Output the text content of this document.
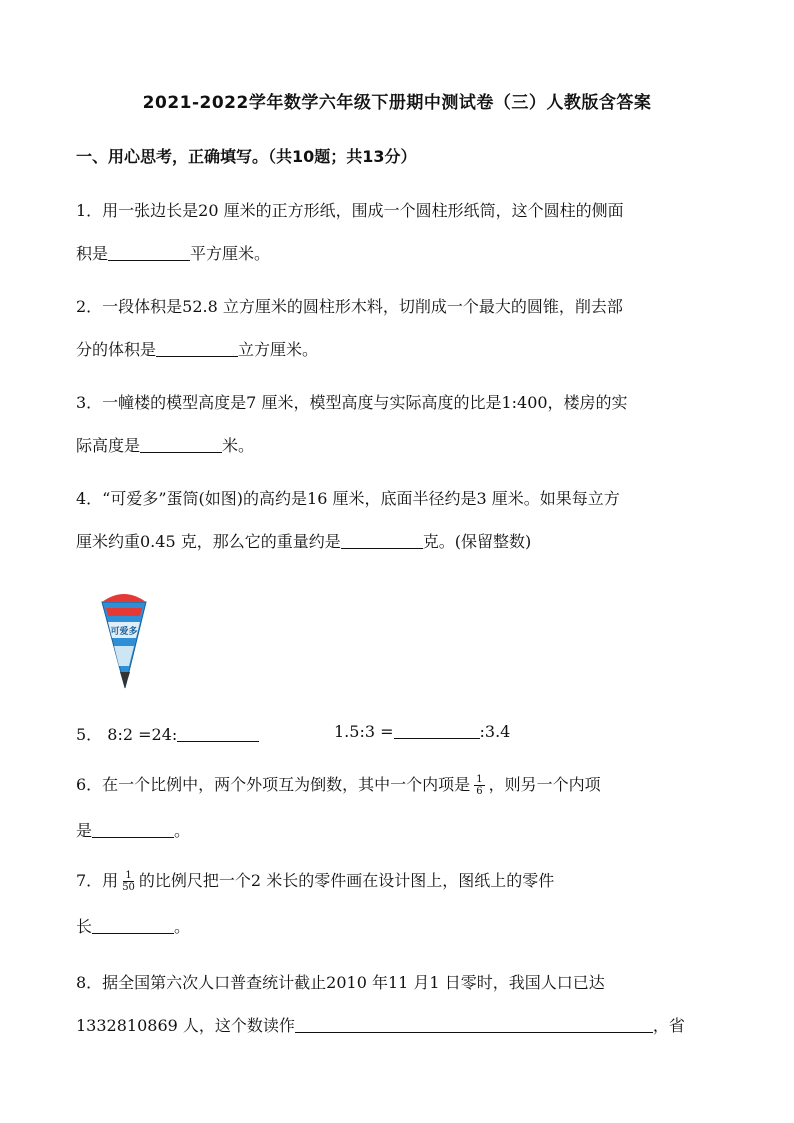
2021-2022学年数学六年级下册期中测试卷（三）人教版含答案
一、用心思考，正确填写。（共10题；共13分）
1．用一张边长是20 厘米的正方形纸，围成一个圆柱形纸筒，这个圆柱的侧面
积是	平方厘米。
2．一段体积是52.8 立方厘米的圆柱形木料，切削成一个最大的圆锥，削去部
分的体积是	立方厘米。
3．一幢楼的模型高度是7 厘米，模型高度与实际高度的比是1:400，楼房的实
际高度是	米。
4．“可爱多”蛋筒(如图)的高约是16 厘米，底面半径约是3 厘米。如果每立方
厘米约重0.45 克，那么它的重量约是	克。(保留整数)
可爱多
5． 8:2 =24:	1.5:3 =	:3.4
6．在一个比例中，两个外项互为倒数，其中一个内项是 $\frac{1}{6}$ ，则另一个内项
是	。
7．用 $\frac{1}{50}$ 的比例尺把一个2 米长的零件画在设计图上，图纸上的零件
长	。
8．据全国第六次人口普查统计截止2010 年11 月1 日零时，我国人口已达
1332810869 人，这个数读作	，省
